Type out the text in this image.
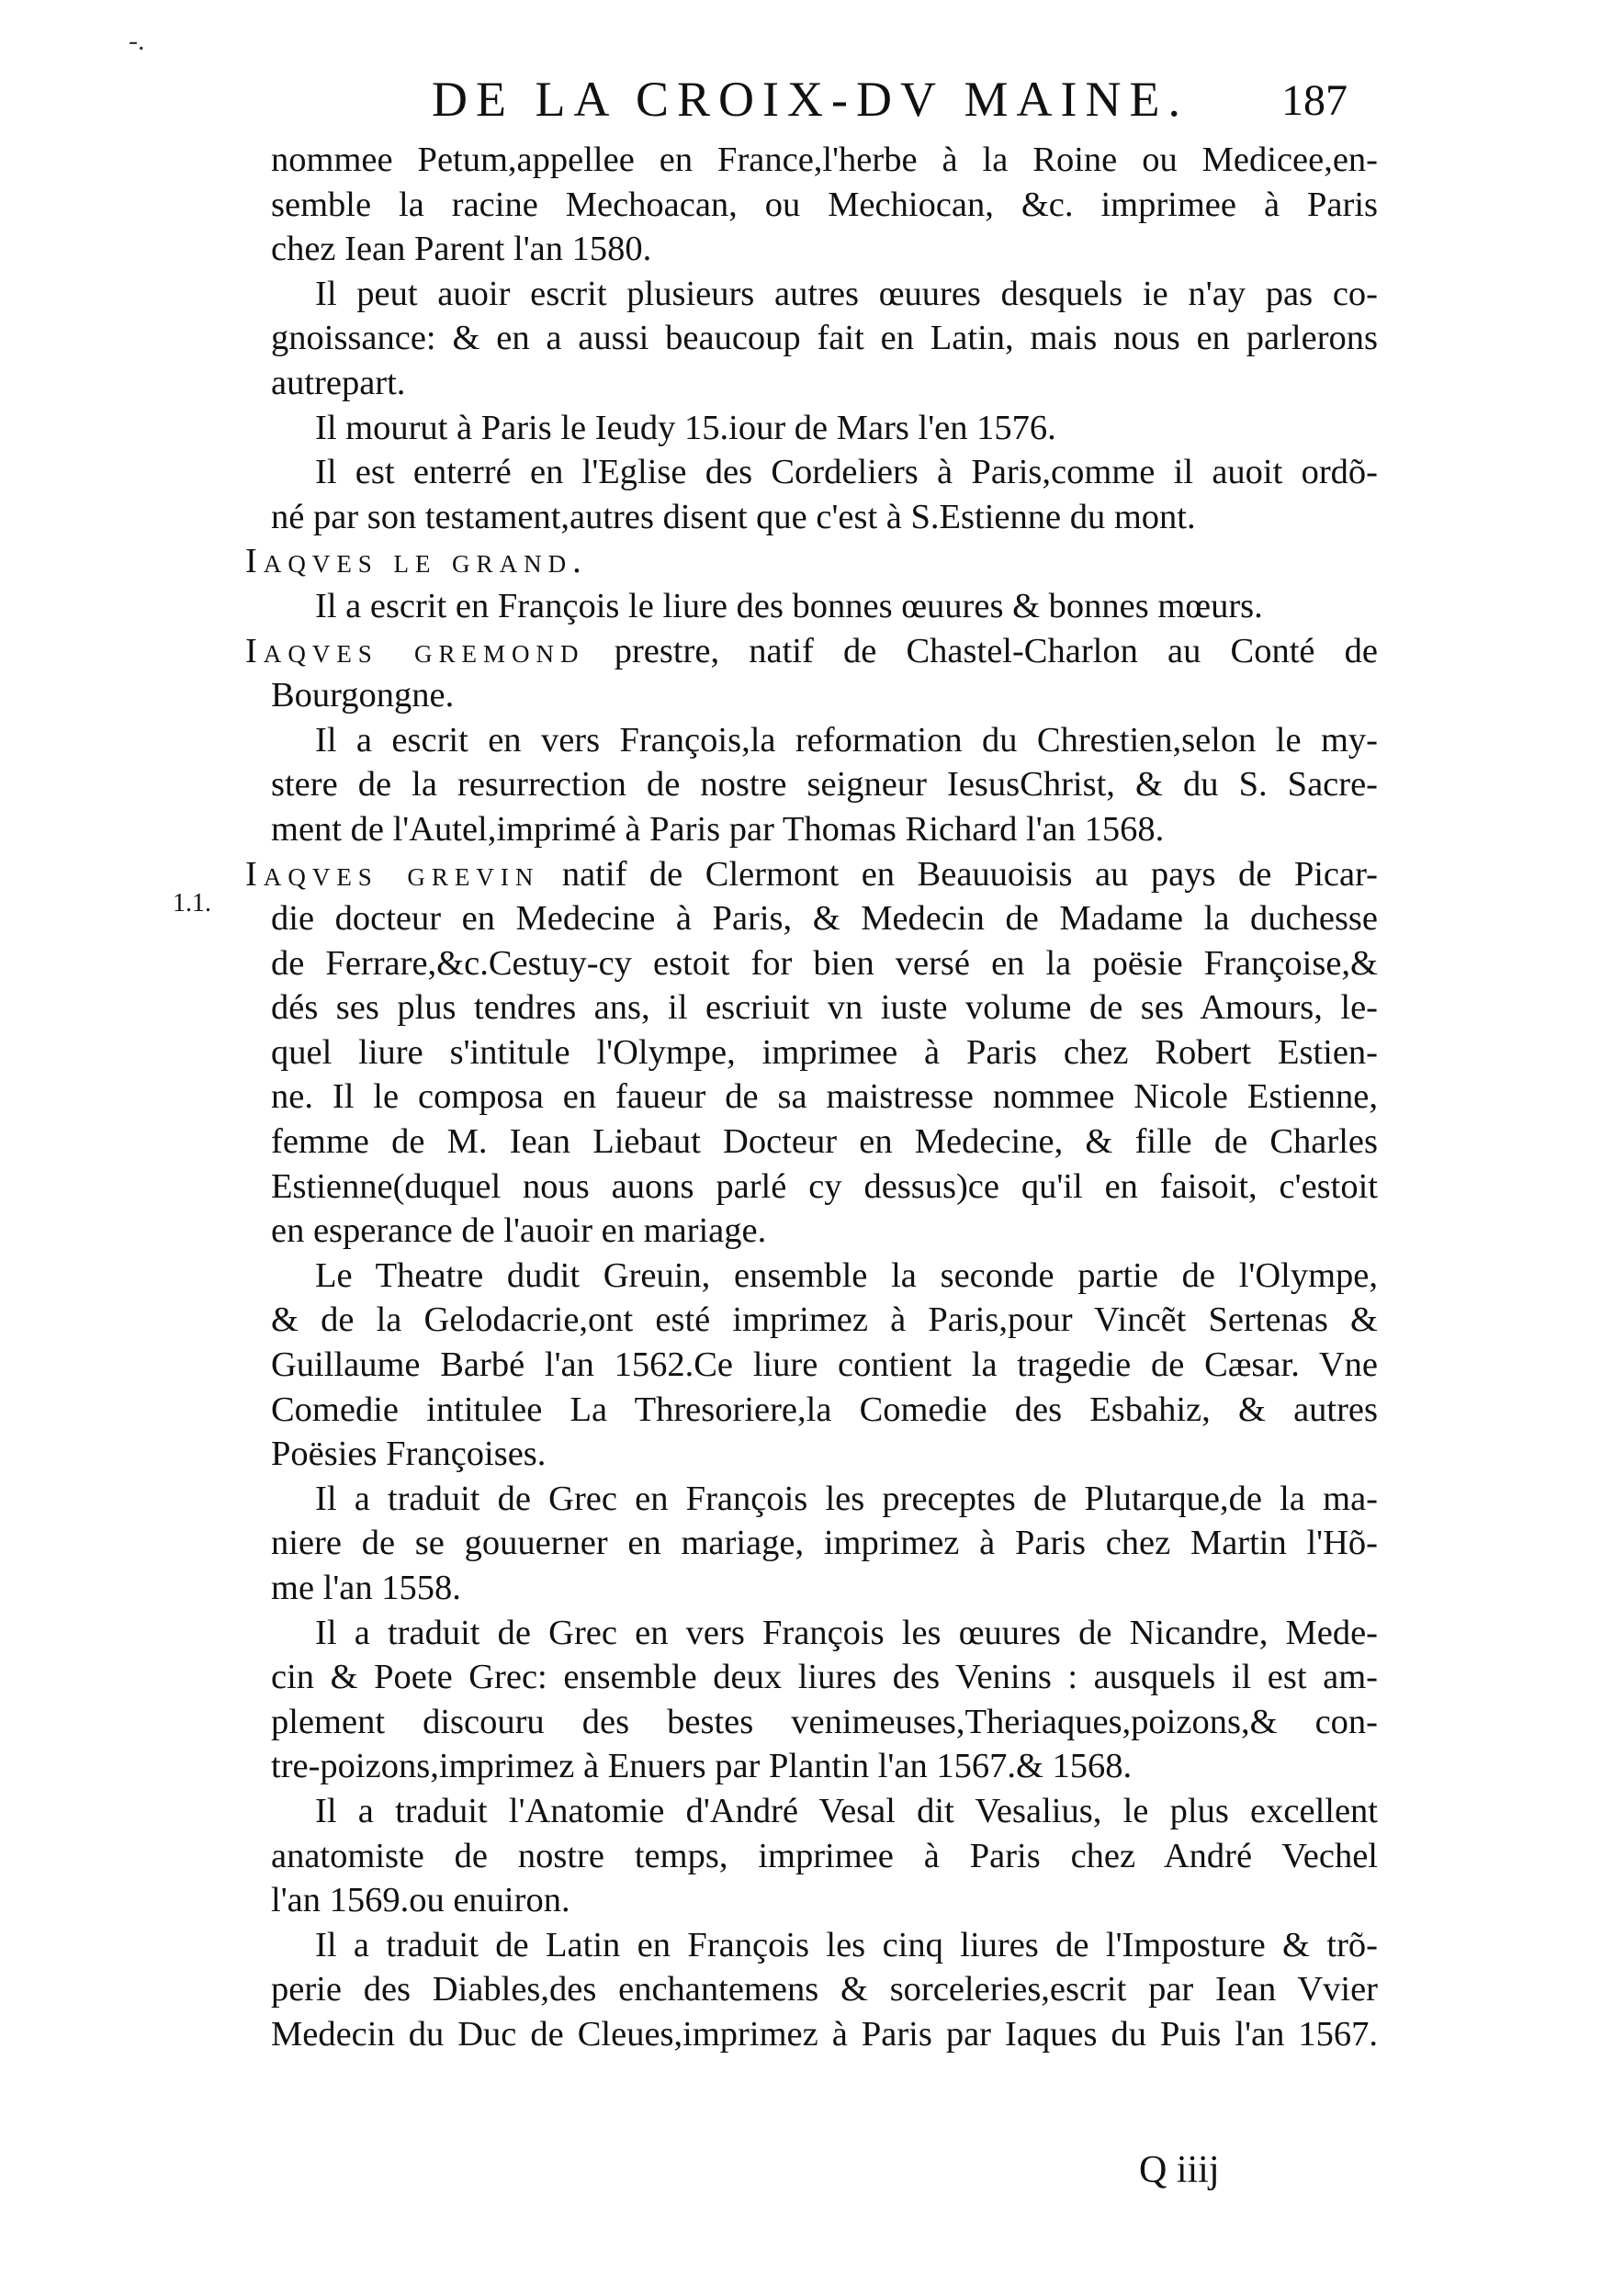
-.
DE LA CROIX-DV MAINE. 187
nommee Petum,appellee en France,l'herbe à la Roine ou Medicee,en-
semble la racine Mechoacan, ou Mechiocan, &c. imprimee à Paris
chez Iean Parent l'an 1580.
Il peut auoir escrit plusieurs autres œuures desquels ie n'ay pas co-
gnoissance: & en a aussi beaucoup fait en Latin, mais nous en parlerons
autrepart.
Il mourut à Paris le Ieudy 15.iour de Mars l'en 1576.
Il est enterré en l'Eglise des Cordeliers à Paris,comme il auoit ordõ-
né par son testament,autres disent que c'est à S.Estienne du mont.
Iaqves le grand.
Il a escrit en François le liure des bonnes œuures & bonnes mœurs.
Iaqves gremond prestre, natif de Chastel-Charlon au Conté de
Bourgongne.
Il a escrit en vers François,la reformation du Chrestien,selon le my-
stere de la resurrection de nostre seigneur IesusChrist, & du S. Sacre-
ment de l'Autel,imprimé à Paris par Thomas Richard l'an 1568.
Iaqves grevin natif de Clermont en Beauuoisis au pays de Picar-
die docteur en Medecine à Paris, & Medecin de Madame la duchesse
de Ferrare,&c.Cestuy-cy estoit for bien versé en la poësie Françoise,&
dés ses plus tendres ans, il escriuit vn iuste volume de ses Amours, le-
quel liure s'intitule l'Olympe, imprimee à Paris chez Robert Estien-
ne. Il le composa en faueur de sa maistresse nommee Nicole Estienne,
femme de M. Iean Liebaut Docteur en Medecine, & fille de Charles
Estienne(duquel nous auons parlé cy dessus)ce qu'il en faisoit, c'estoit
en esperance de l'auoir en mariage.
Le Theatre dudit Greuin, ensemble la seconde partie de l'Olympe,
& de la Gelodacrie,ont esté imprimez à Paris,pour Vincẽt Sertenas &
Guillaume Barbé l'an 1562.Ce liure contient la tragedie de Cæsar. Vne
Comedie intitulee La Thresoriere,la Comedie des Esbahiz, & autres
Poësies Françoises.
Il a traduit de Grec en François les preceptes de Plutarque,de la ma-
niere de se gouuerner en mariage, imprimez à Paris chez Martin l'Hõ-
me l'an 1558.
Il a traduit de Grec en vers François les œuures de Nicandre, Mede-
cin & Poete Grec: ensemble deux liures des Venins : ausquels il est am-
plement discouru des bestes venimeuses,Theriaques,poizons,& con-
tre-poizons,imprimez à Enuers par Plantin l'an 1567.& 1568.
Il a traduit l'Anatomie d'André Vesal dit Vesalius, le plus excellent
anatomiste de nostre temps, imprimee à Paris chez André Vechel
l'an 1569.ou enuiron.
Il a traduit de Latin en François les cinq liures de l'Imposture & trõ-
perie des Diables,des enchantemens & sorceleries,escrit par Iean Vvier
Medecin du Duc de Cleues,imprimez à Paris par Iaques du Puis l'an 1567.
1.1.
Q iiij
